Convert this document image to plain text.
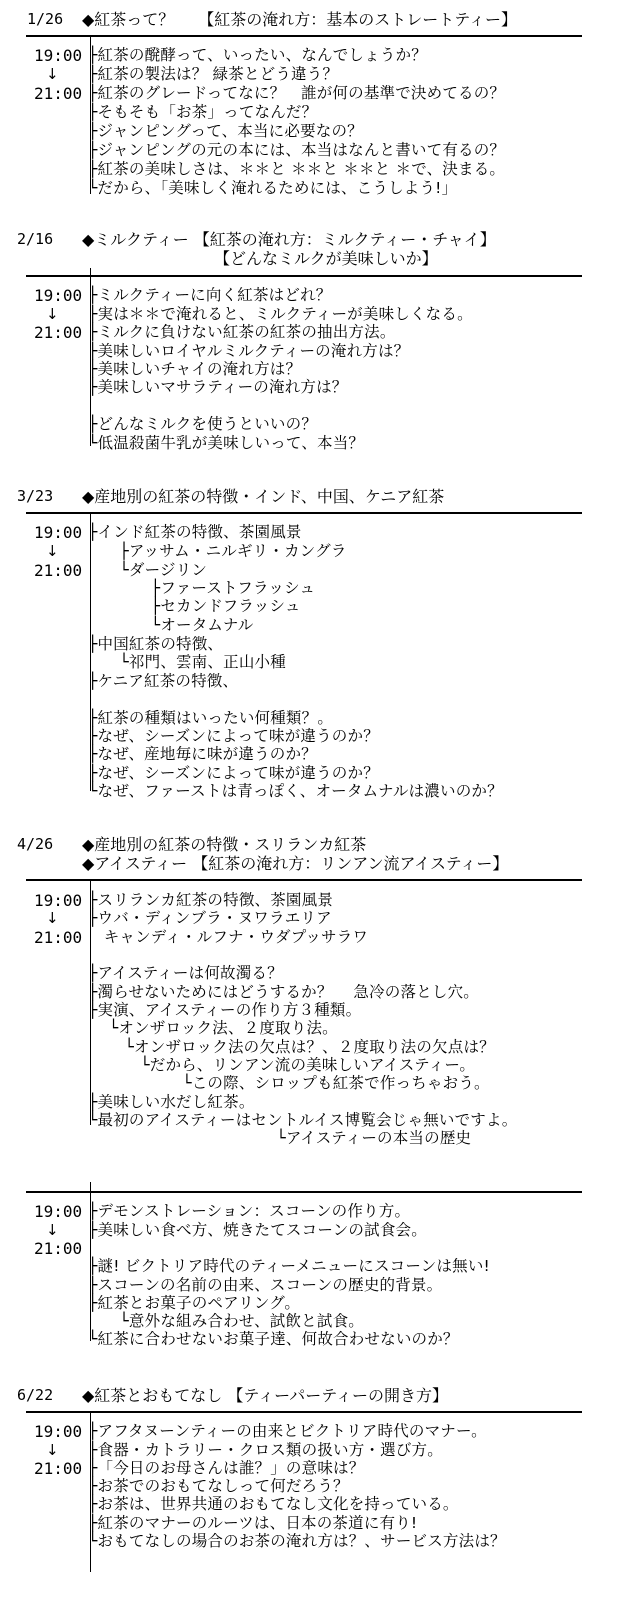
1/26 ◆紅茶って？　　【紅茶の淹れ方：基本のストレートティー】
19:00
↓
21:00
├紅茶の醗酵って、いったい、なんでしょうか？
├紅茶の製法は？ 緑茶とどう違う？
├紅茶のグレードってなに？　誰が何の基準で決めてるの？
├そもそも「お茶」ってなんだ？
├ジャンピングって、本当に必要なの？
├ジャンピングの元の本には、本当はなんと書いて有るの？
├紅茶の美味しさは、＊＊と ＊＊と ＊＊と ＊で、決まる。
└だから、「美味しく淹れるためには、こうしよう!」
2/16 ◆ミルクティー 【紅茶の淹れ方：ミルクティー・チャイ】
【どんなミルクが美味しいか】
19:00
↓
21:00
├ミルクティーに向く紅茶はどれ？
├実は＊＊で淹れると、ミルクティーが美味しくなる。
├ミルクに負けない紅茶の紅茶の抽出方法。
├美味しいロイヤルミルクティーの淹れ方は？
├美味しいチャイの淹れ方は？
├美味しいマサラティーの淹れ方は？
├どんなミルクを使うといいの？
└低温殺菌牛乳が美味しいって、本当？
3/23 ◆産地別の紅茶の特徴・インド、中国、ケニア紅茶
19:00
↓
21:00
├インド紅茶の特徴、茶園風景
　　├アッサム・ニルギリ・カングラ
　　└ダージリン
　　　　├ファーストフラッシュ
　　　　├セカンドフラッシュ
　　　　└オータムナル
├中国紅茶の特徴、
　　└祁門、雲南、正山小種
├ケニア紅茶の特徴、
├紅茶の種類はいったい何種類？。
├なぜ、シーズンによって味が違うのか？
├なぜ、産地毎に味が違うのか？
├なぜ、シーズンによって味が違うのか？
└なぜ、ファーストは青っぽく、オータムナルは濃いのか？
4/26 ◆産地別の紅茶の特徴・スリランカ紅茶
◆アイスティー 【紅茶の淹れ方：リンアン流アイスティー】
19:00
↓
21:00
├スリランカ紅茶の特徴、茶園風景
├ウバ・ディンブラ・ヌワラエリア
　キャンディ・ルフナ・ウダプッサラワ
├アイスティーは何故濁る？
├濁らせないためにはどうするか？　 急冷の落とし穴。
├実演、アイスティーの作り方３種類。
　 └オンザロック法、２度取り法。
　　 └オンザロック法の欠点は？、２度取り法の欠点は？
　　　 └だから、リンアン流の美味しいアイスティー。
　　　　　　└この際、シロップも紅茶で作っちゃおう。
├美味しい水だし紅茶。
└最初のアイスティーはセントルイス博覧会じゃ無いですよ。
　　　　　　　　　　　　└アイスティーの本当の歴史
19:00
↓
21:00
├デモンストレーション：スコーンの作り方。
├美味しい食べ方、焼きたてスコーンの試食会。
├謎! ビクトリア時代のティーメニューにスコーンは無い!
├スコーンの名前の由来、スコーンの歴史的背景。
├紅茶とお菓子のペアリング。
　　└意外な組み合わせ、試飲と試食。
└紅茶に合わせないお菓子達、何故合わせないのか？
6/22 ◆紅茶とおもてなし 【ティーパーティーの開き方】
19:00
↓
21:00
├アフタヌーンティーの由来とビクトリア時代のマナー。
├食器・カトラリー・クロス類の扱い方・選び方。
├「今日のお母さんは誰？」の意味は？
├お茶でのおもてなしって何だろう？
├お茶は、世界共通のおもてなし文化を持っている。
├紅茶のマナーのルーツは、日本の茶道に有り!
└おもてなしの場合のお茶の淹れ方は？、サービス方法は？
